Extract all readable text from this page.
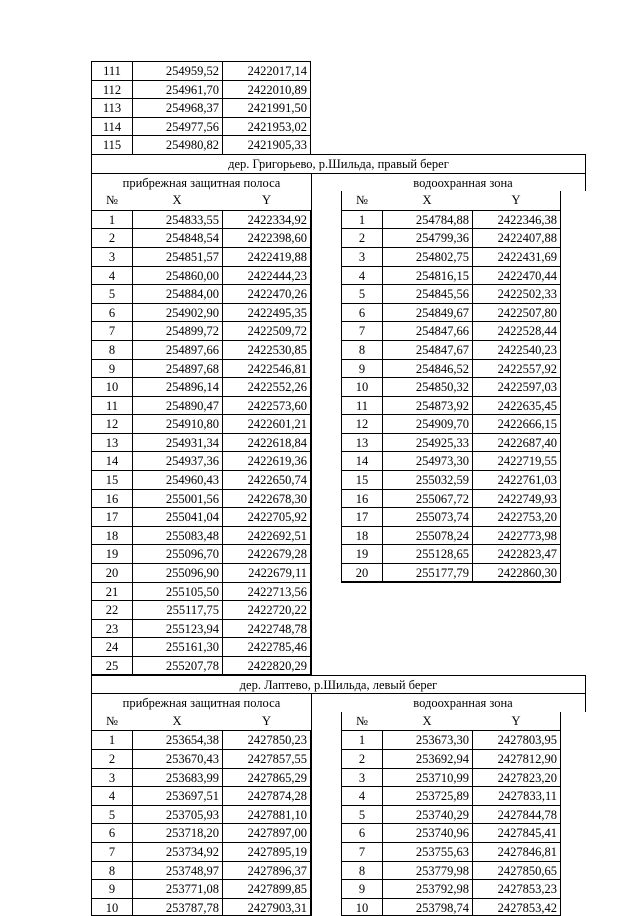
111	254959,52	2422017,14
112	254961,70	2422010,89
113	254968,37	2421991,50
114	254977,56	2421953,02
115	254980,82	2421905,33
дер. Григорьево, р.Шильда, правый берег
прибрежная защитная полоса	водоохранная зона
№	X	Y	№	X	Y
1	254833,55	2422334,92	1	254784,88	2422346,38
2	254848,54	2422398,60	2	254799,36	2422407,88
3	254851,57	2422419,88	3	254802,75	2422431,69
4	254860,00	2422444,23	4	254816,15	2422470,44
5	254884,00	2422470,26	5	254845,56	2422502,33
6	254902,90	2422495,35	6	254849,67	2422507,80
7	254899,72	2422509,72	7	254847,66	2422528,44
8	254897,66	2422530,85	8	254847,67	2422540,23
9	254897,68	2422546,81	9	254846,52	2422557,92
10	254896,14	2422552,26	10	254850,32	2422597,03
11	254890,47	2422573,60	11	254873,92	2422635,45
12	254910,80	2422601,21	12	254909,70	2422666,15
13	254931,34	2422618,84	13	254925,33	2422687,40
14	254937,36	2422619,36	14	254973,30	2422719,55
15	254960,43	2422650,74	15	255032,59	2422761,03
16	255001,56	2422678,30	16	255067,72	2422749,93
17	255041,04	2422705,92	17	255073,74	2422753,20
18	255083,48	2422692,51	18	255078,24	2422773,98
19	255096,70	2422679,28	19	255128,65	2422823,47
20	255096,90	2422679,11	20	255177,79	2422860,30
21	255105,50	2422713,56
22	255117,75	2422720,22
23	255123,94	2422748,78
24	255161,30	2422785,46
25	255207,78	2422820,29
дер. Лаптево, р.Шильда, левый берег
прибрежная защитная полоса	водоохранная зона
№	X	Y	№	X	Y
1	253654,38	2427850,23	1	253673,30	2427803,95
2	253670,43	2427857,55	2	253692,94	2427812,90
3	253683,99	2427865,29	3	253710,99	2427823,20
4	253697,51	2427874,28	4	253725,89	2427833,11
5	253705,93	2427881,10	5	253740,29	2427844,78
6	253718,20	2427897,00	6	253740,96	2427845,41
7	253734,92	2427895,19	7	253755,63	2427846,81
8	253748,97	2427896,37	8	253779,98	2427850,65
9	253771,08	2427899,85	9	253792,98	2427853,23
10	253787,78	2427903,31	10	253798,74	2427853,42
